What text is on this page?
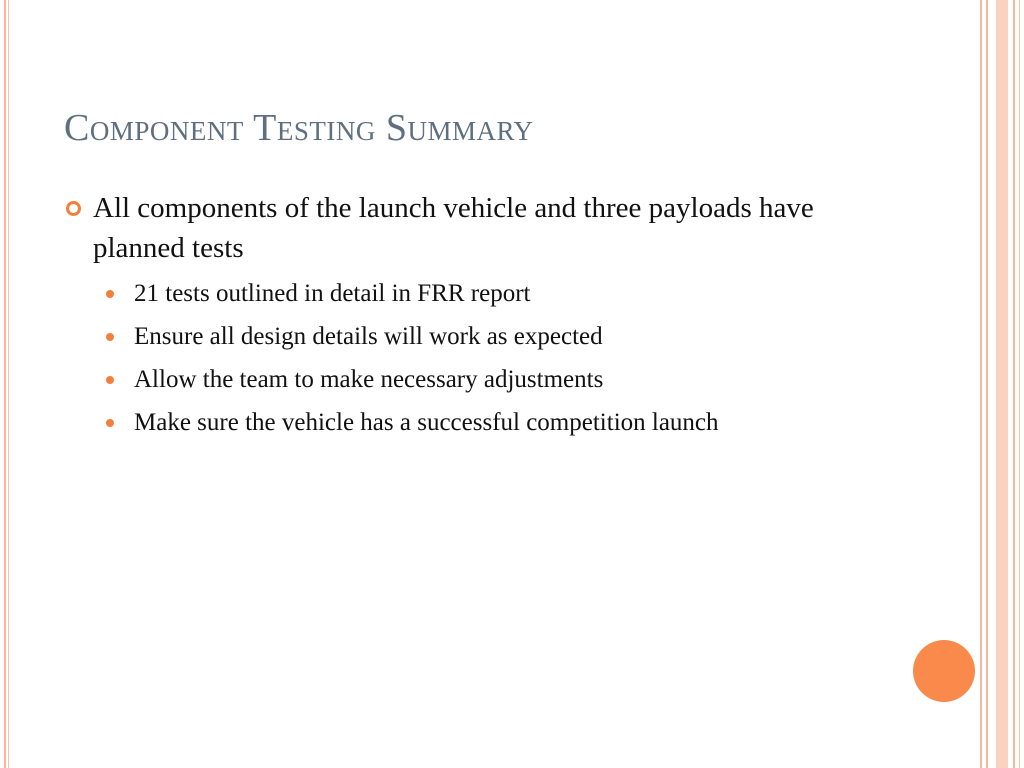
Component Testing Summary
All components of the launch vehicle and three payloads have planned tests
21 tests outlined in detail in FRR report
Ensure all design details will work as expected
Allow the team to make necessary adjustments
Make sure the vehicle has a successful competition launch
